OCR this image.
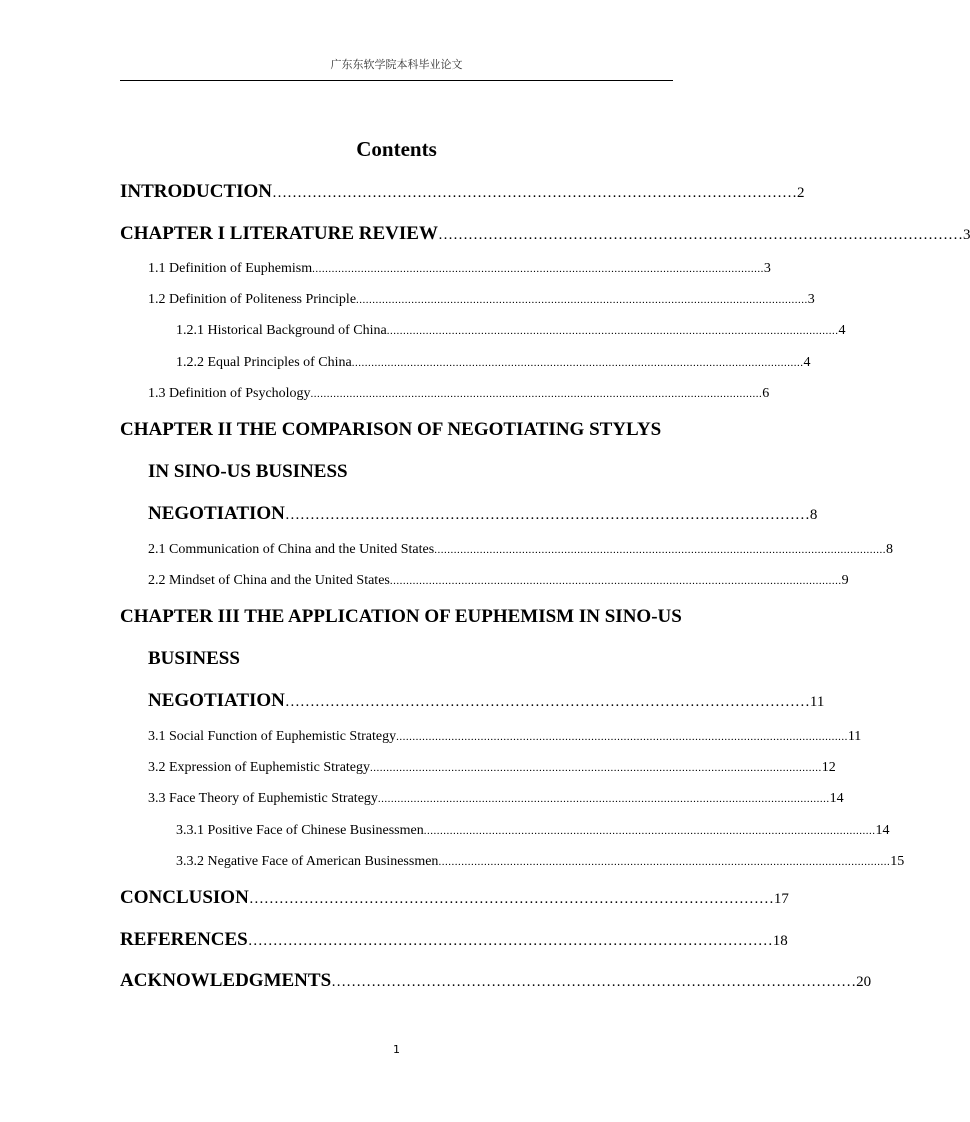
广东东软学院本科毕业论文
Contents
INTRODUCTION …………………………………………………………………………………………… 2
CHAPTER I LITERATURE REVIEW …………………………………………………………………………………………… 3
1.1 Definition of Euphemism ........................................................................................................................................... 3
1.2 Definition of Politeness Principle ........................................................................................................................................... 3
1.2.1 Historical Background of China ........................................................................................................................................... 4
1.2.2 Equal Principles of China ........................................................................................................................................... 4
1.3 Definition of Psychology ........................................................................................................................................... 6
CHAPTER II THE COMPARISON OF NEGOTIATING STYLYS
IN SINO-US BUSINESS
NEGOTIATION …………………………………………………………………………………………… 8
2.1 Communication of China and the United States ........................................................................................................................................... 8
2.2 Mindset of China and the United States ........................................................................................................................................... 9
CHAPTER III THE APPLICATION OF EUPHEMISM IN SINO-US
BUSINESS
NEGOTIATION …………………………………………………………………………………………… 11
3.1 Social Function of Euphemistic Strategy ........................................................................................................................................... 11
3.2 Expression of Euphemistic Strategy ........................................................................................................................................... 12
3.3 Face Theory of Euphemistic Strategy ........................................................................................................................................... 14
3.3.1 Positive Face of Chinese Businessmen ........................................................................................................................................... 14
3.3.2 Negative Face of American Businessmen ........................................................................................................................................... 15
CONCLUSION …………………………………………………………………………………………… 17
REFERENCES …………………………………………………………………………………………… 18
ACKNOWLEDGMENTS …………………………………………………………………………………………… 20
1
